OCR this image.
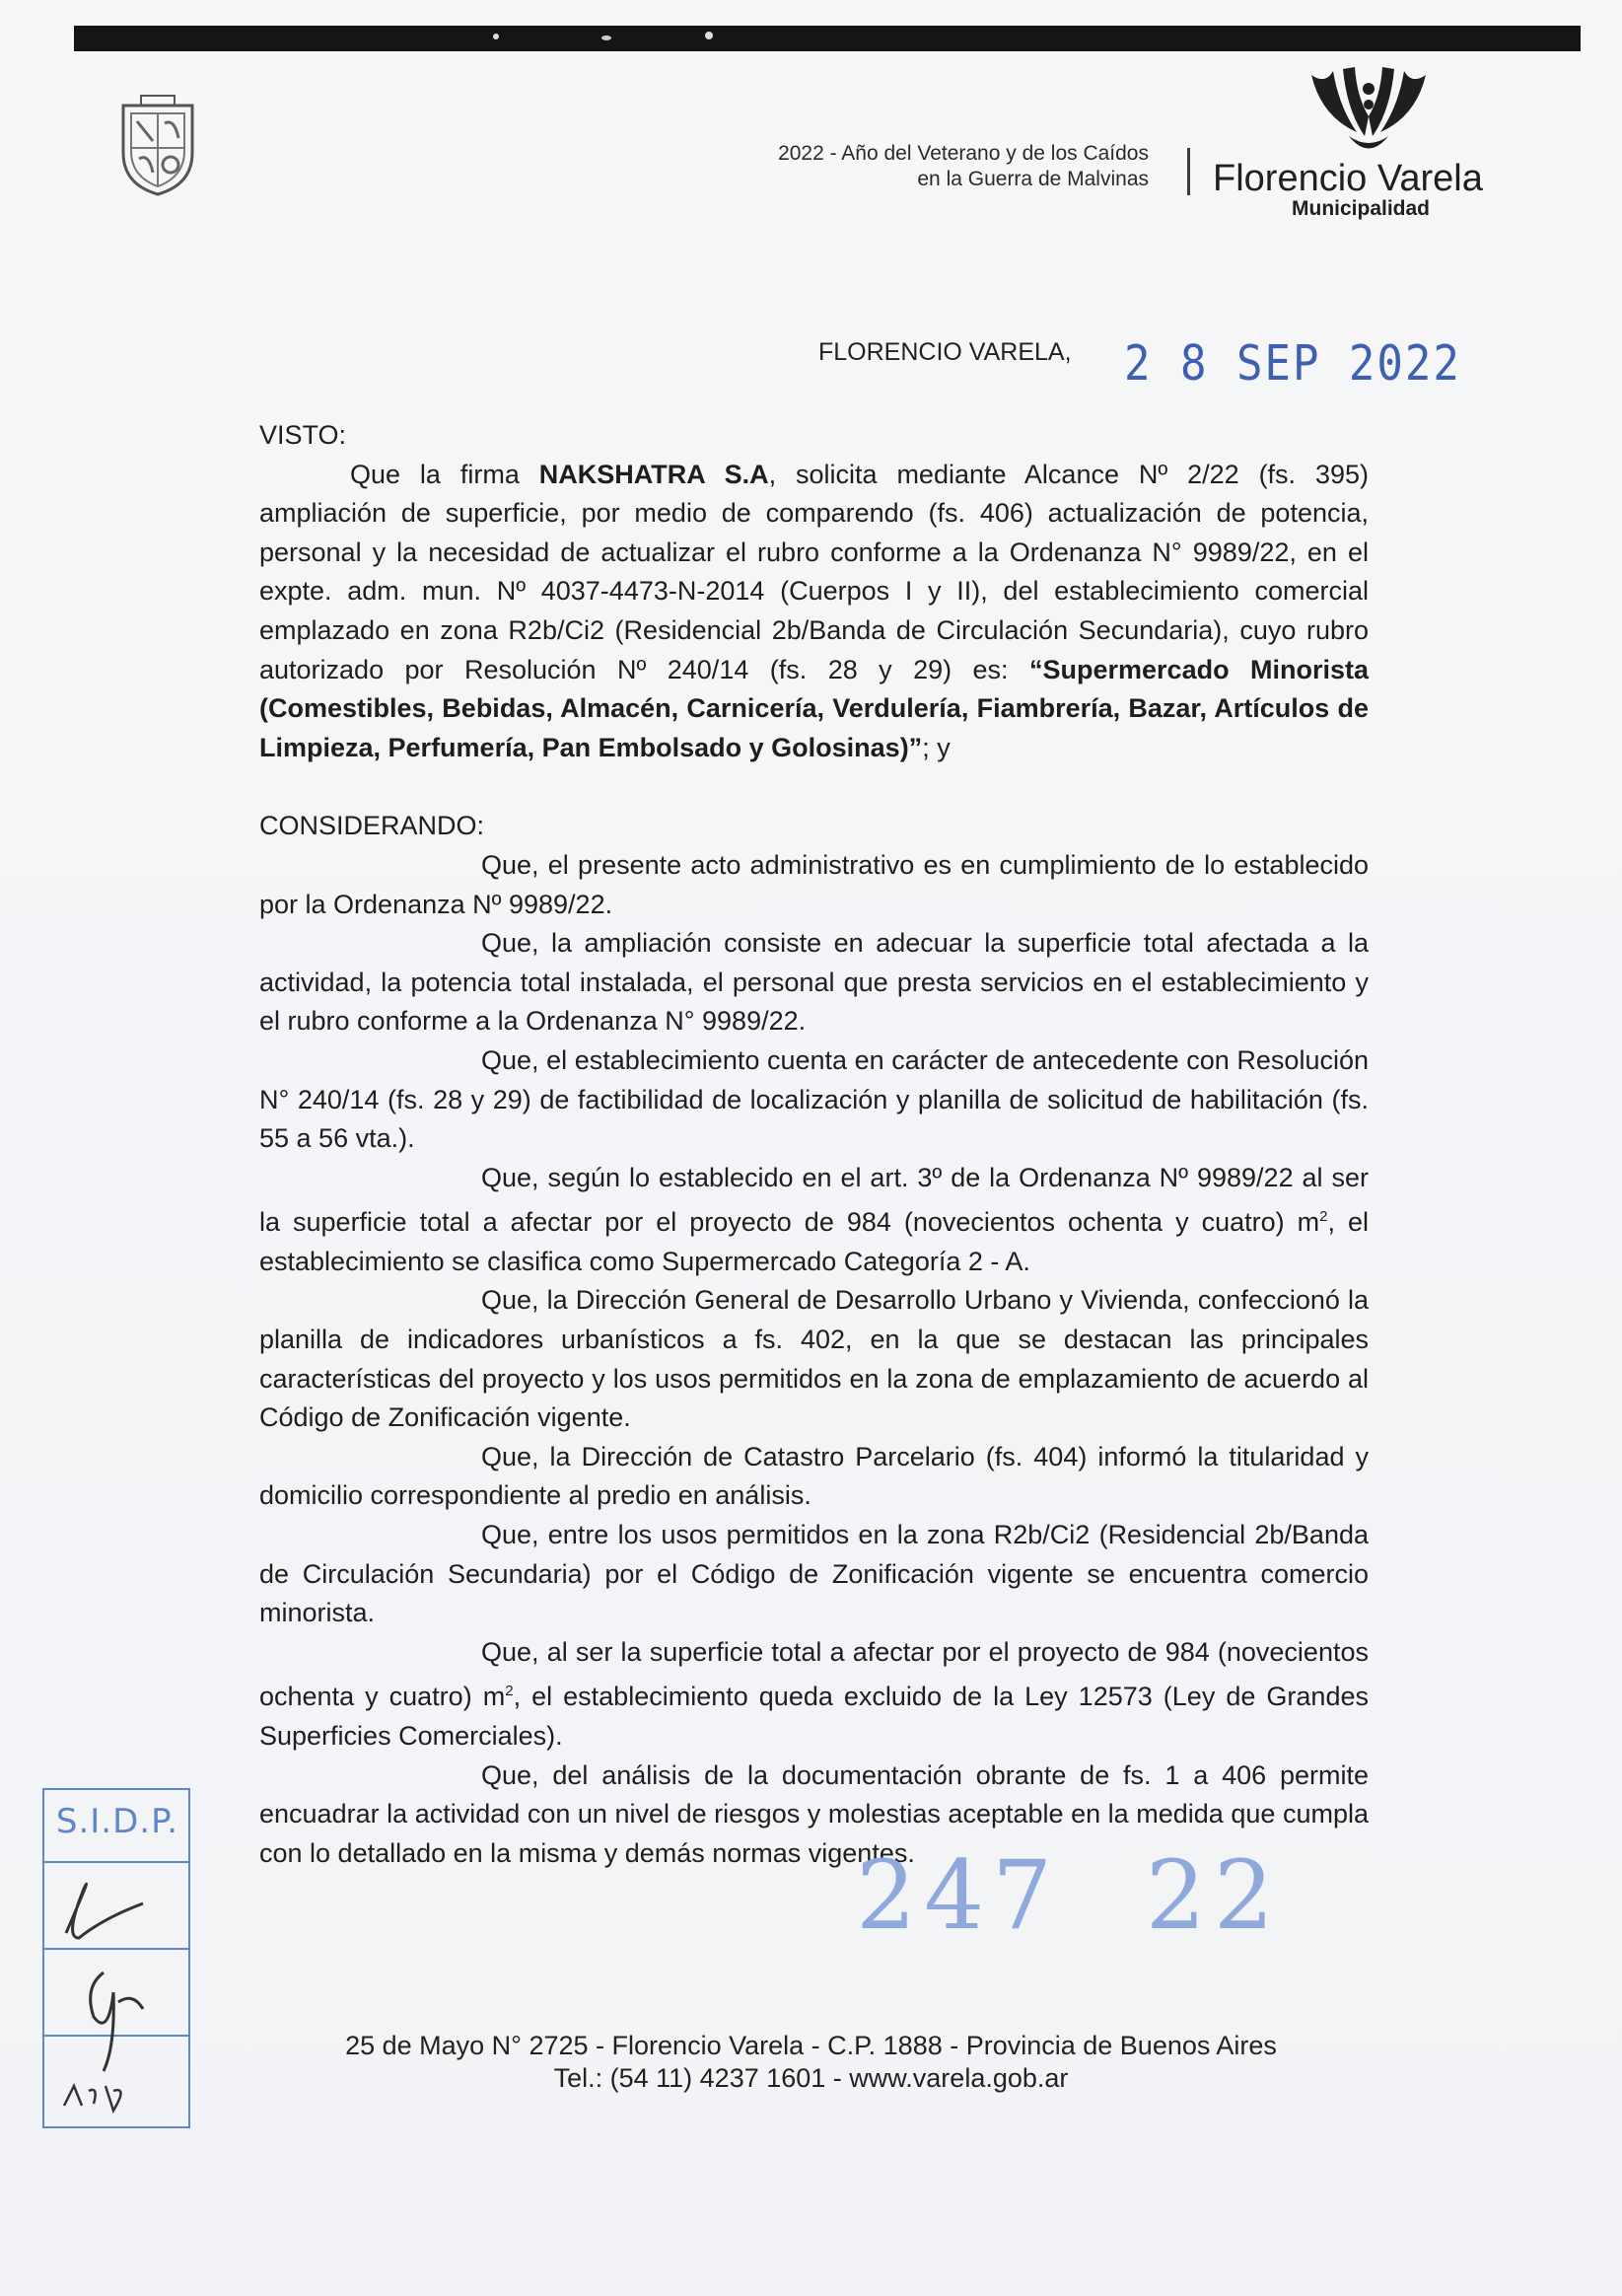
2022 - Año del Veterano y de los Caídos
en la Guerra de Malvinas Florencio Varela
Municipalidad
FLORENCIO VARELA, 2 8 SEP 2022
VISTO:

Que la firma NAKSHATRA S.A, solicita mediante Alcance Nº 2/22 (fs. 395) ampliación de superficie, por medio de comparendo (fs. 406) actualización de potencia, personal y la necesidad de actualizar el rubro conforme a la Ordenanza N° 9989/22, en el expte. adm. mun. Nº 4037-4473-N-2014 (Cuerpos I y II), del establecimiento comercial emplazado en zona R2b/Ci2 (Residencial 2b/Banda de Circulación Secundaria), cuyo rubro autorizado por Resolución Nº 240/14 (fs. 28 y 29) es: “Supermercado Minorista (Comestibles, Bebidas, Almacén, Carnicería, Verdulería, Fiambrería, Bazar, Artículos de Limpieza, Perfumería, Pan Embolsado y Golosinas)”; y

CONSIDERANDO:

Que, el presente acto administrativo es en cumplimiento de lo establecido por la Ordenanza Nº 9989/22.

Que, la ampliación consiste en adecuar la superficie total afectada a la actividad, la potencia total instalada, el personal que presta servicios en el establecimiento y el rubro conforme a la Ordenanza N° 9989/22.

Que, el establecimiento cuenta en carácter de antecedente con Resolución N° 240/14 (fs. 28 y 29) de factibilidad de localización y planilla de solicitud de habilitación (fs. 55 a 56 vta.).

Que, según lo establecido en el art. 3º de la Ordenanza Nº 9989/22 al ser la superficie total a afectar por el proyecto de 984 (novecientos ochenta y cuatro) $m^2$, el establecimiento se clasifica como Supermercado Categoría 2 - A.

Que, la Dirección General de Desarrollo Urbano y Vivienda, confeccionó la planilla de indicadores urbanísticos a fs. 402, en la que se destacan las principales características del proyecto y los usos permitidos en la zona de emplazamiento de acuerdo al Código de Zonificación vigente.

Que, la Dirección de Catastro Parcelario (fs. 404) informó la titularidad y domicilio correspondiente al predio en análisis.

Que, entre los usos permitidos en la zona R2b/Ci2 (Residencial 2b/Banda de Circulación Secundaria) por el Código de Zonificación vigente se encuentra comercio minorista.

Que, al ser la superficie total a afectar por el proyecto de 984 (novecientos ochenta y cuatro) $m^2$, el establecimiento queda excluido de la Ley 12573 (Ley de Grandes Superficies Comerciales).

Que, del análisis de la documentación obrante de fs. 1 a 406 permite encuadrar la actividad con un nivel de riesgos y molestias aceptable en la medida que cumpla con lo detallado en la misma y demás normas vigentes.

S.I.D.P.
247 22
25 de Mayo N° 2725 - Florencio Varela - C.P. 1888 - Provincia de Buenos Aires
Tel.: (54 11) 4237 1601 - www.varela.gob.ar
